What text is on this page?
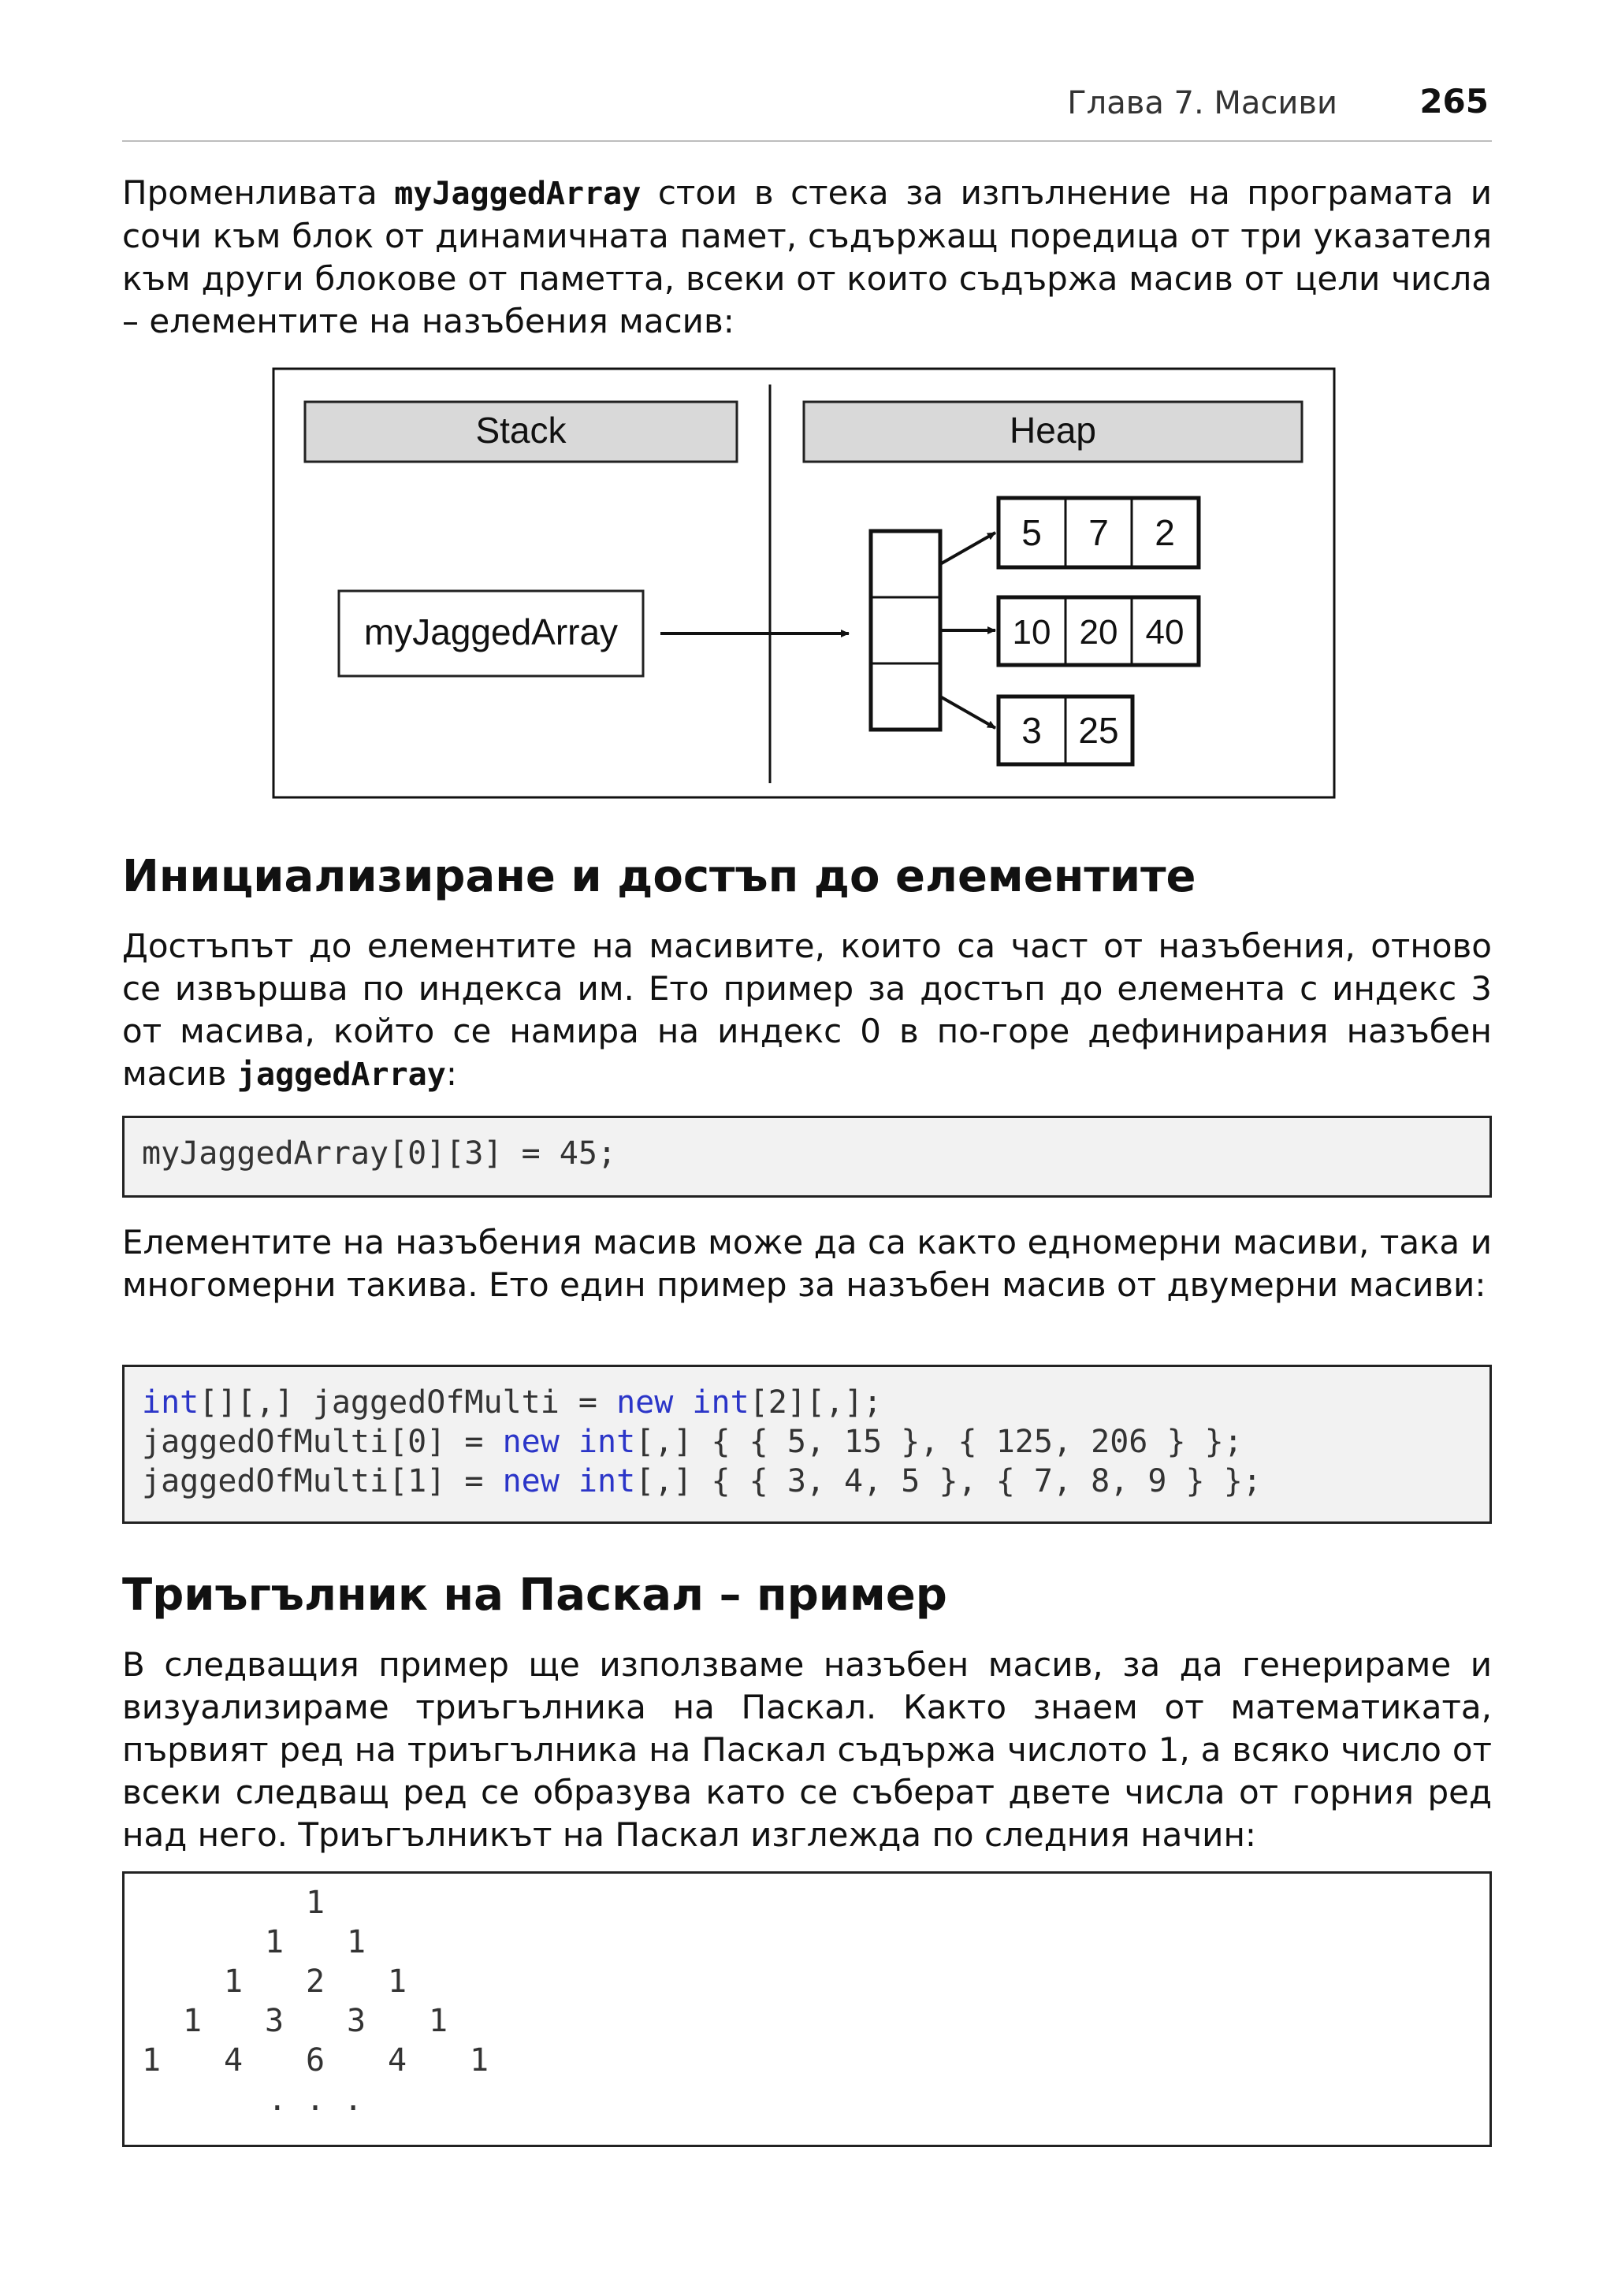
Глава 7. Масиви 265

Променливата myJaggedArray стои в стека за изпълнение на програмата и сочи към блок от динамичната памет, съдържащ поредица от три указателя към други блокове от паметта, всеки от които съдържа масив от цели числа – елементите на назъбения масив:

Stack	Heap
myJaggedArray
5 7 2
10 20 40
3 25
Инициализиране и достъп до елементите

Достъпът до елементите на масивите, които са част от назъбения, отново се извършва по индекса им. Ето пример за достъп до елемента с индекс 3 от масива, който се намира на индекс 0 в по-горе дефинирания назъбен масив jaggedArray:

myJaggedArray[0][3] = 45;

Елементите на назъбения масив може да са както едномерни масиви, така и многомерни такива. Ето един пример за назъбен масив от двумерни масиви:

int[][,] jaggedOfMulti = new int[2][,];
jaggedOfMulti[0] = new int[,] { { 5, 15 }, { 125, 206 } };
jaggedOfMulti[1] = new int[,] { { 3, 4, 5 }, { 7, 8, 9 } };
Триъгълник на Паскал – пример

В следващия пример ще използваме назъбен масив, за да генерираме и визуализираме триъгълника на Паскал. Както знаем от математиката, първият ред на триъгълника на Паскал съдържа числото 1, а всяко число от всеки следващ ред се образува като се съберат двете числа от горния ред над него. Триъгълникът на Паскал изглежда по следния начин:

1
1 1
1 2 1
1 3 3 1
1 4 6 4 1
. . .
